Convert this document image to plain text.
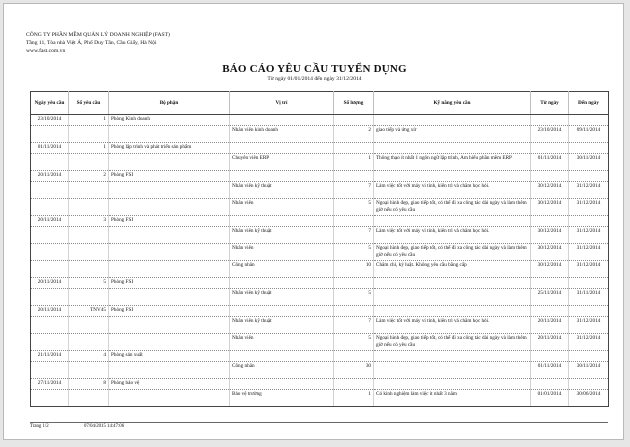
CÔNG TY PHẦN MỀM QUẢN LÝ DOANH NGHIỆP (FAST)
Tầng 11, Tòa nhà Việt Á, Phố Duy Tân, Cầu Giấy, Hà Nội
www.fast.com.vn
BÁO CÁO YÊU CẦU TUYỂN DỤNG
Từ ngày 01/01/2014 đến ngày 31/12/2014
Ngày yêu cầu	Số yêu cầu	Bộ phận	Vị trí	Số lượng	Kỹ năng yêu cầu	Từ ngày	Đến ngày
23/10/2014	1	Phòng Kinh doanh					
			Nhân viên kinh doanh	2	giao tiếp và ứng xử	23/10/2014	09/11/2014
01/11/2014	1	Phòng lập trình và phát triển sản phẩm					
			Chuyên viên ERP	1	Thông thạo ít nhất 1 ngôn ngữ lập trình, Am hiểu phần mềm ERP	01/11/2014	30/11/2014
20/11/2014	2	Phòng FSI					
			Nhân viên kỹ thuật	7	Làm việc tốt với máy vi tính, kiên trì và chăm học hỏi.	30/12/2014	31/12/2014
			Nhân viên	5	Ngoại hình đẹp, giao tiếp tốt, có thể đi xa công tác dài ngày và làm thêm giờ nếu có yêu cầu	30/12/2014	31/12/2014
20/11/2014	3	Phòng FSI					
			Nhân viên kỹ thuật	7	Làm việc tốt với máy vi tính, kiên trì và chăm học hỏi.	30/12/2014	31/12/2014
			Nhân viên	5	Ngoại hình đẹp, giao tiếp tốt, có thể đi xa công tác dài ngày và làm thêm giờ nếu có yêu cầu	30/12/2014	31/12/2014
			Công nhân	10	Chăm chỉ, kỷ luật. Không yêu cầu bằng cấp	30/12/2014	31/12/2014
20/11/2014	5	Phòng FSI					
			Nhân viên kỹ thuật	5		25/11/2014	31/11/2014
20/11/2014	TNV45	Phòng FSI					
			Nhân viên kỹ thuật	7	Làm việc tốt với máy vi tính, kiên trì và chăm học hỏi.	20/11/2014	31/12/2014
			Nhân viên	5	Ngoại hình đẹp, giao tiếp tốt, có thể đi xa công tác dài ngày và làm thêm giờ nếu có yêu cầu	20/11/2014	31/12/2014
21/11/2014	4	Phòng sản xuất					
			Công nhân	30		01/11/2014	30/11/2014
27/11/2014	8	Phòng bảo vệ					
			Bảo vệ trường	1	Có kinh nghiệm làm việc ít nhất 3 năm	01/01/2014	30/06/2014
Trang 1/2	07/04/2015 14:47:06
